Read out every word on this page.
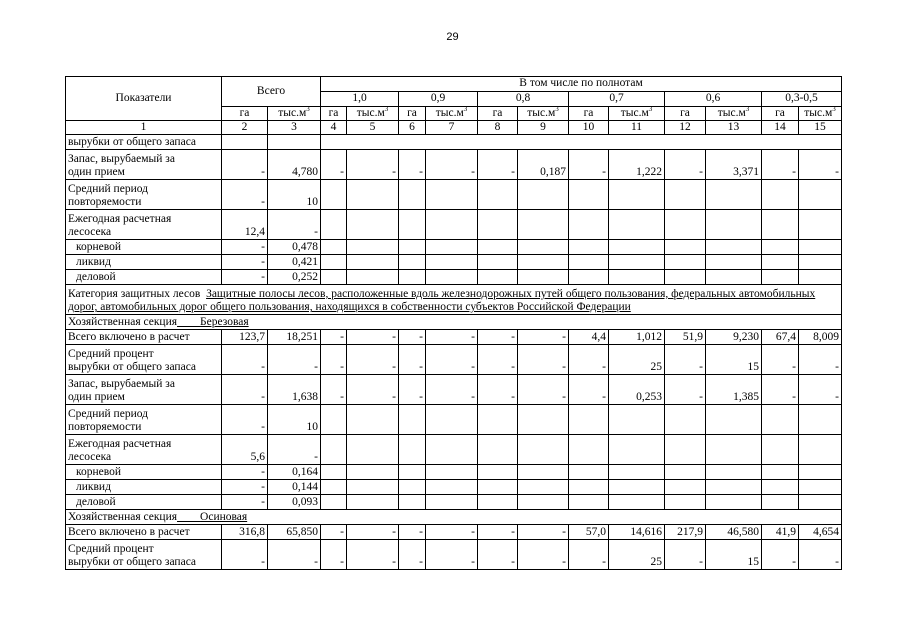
29
Показатели	Всего		В том числе по полнотам											
			1,0		0,9		0,8		0,7		0,6		0,3-0,5	
	га	$тыс.м^3$	га	$тыс.м^3$	га	$тыс.м^3$	га	$тыс.м^3$	га	$тыс.м^3$	га	$тыс.м^3$	га	$тыс.м^3$
1	2	3	4	5	6	7	8	9	10	11	12	13	14	15
вырубки от общего запаса														
Запас, вырубаемый за
один прием	-	4,780	-	-	-	-	-	0,187	-	1,222	-	3,371	-	-
Средний период
повторяемости	-	10												
Ежегодная расчетная
лесосека	12,4	-												
корневой	-	0,478												
ликвид	-	0,421												
деловой	-	0,252												
Категория защитных лесов Защитные полосы лесов, расположенные вдоль железнодорожных путей общего пользования, федеральных автомобильных дорог, автомобильных дорог общего пользования, находящихся в собственности субъектов Российской Федерации														
Хозяйственная секция Березовая														
Всего включено в расчет	123,7	18,251	-	-	-	-	-	-	4,4	1,012	51,9	9,230	67,4	8,009
Средний процент
вырубки от общего запаса	-	-	-	-	-	-	-	-	-	25	-	15	-	-
Запас, вырубаемый за
один прием	-	1,638	-	-	-	-	-	-	-	0,253	-	1,385	-	-
Средний период
повторяемости	-	10												
Ежегодная расчетная
лесосека	5,6	-												
корневой	-	0,164												
ликвид	-	0,144												
деловой	-	0,093												
Хозяйственная секция Осиновая														
Всего включено в расчет	316,8	65,850	-	-	-	-	-	-	57,0	14,616	217,9	46,580	41,9	4,654
Средний процент
вырубки от общего запаса	-	-	-	-	-	-	-	-	-	25	-	15	-	-
